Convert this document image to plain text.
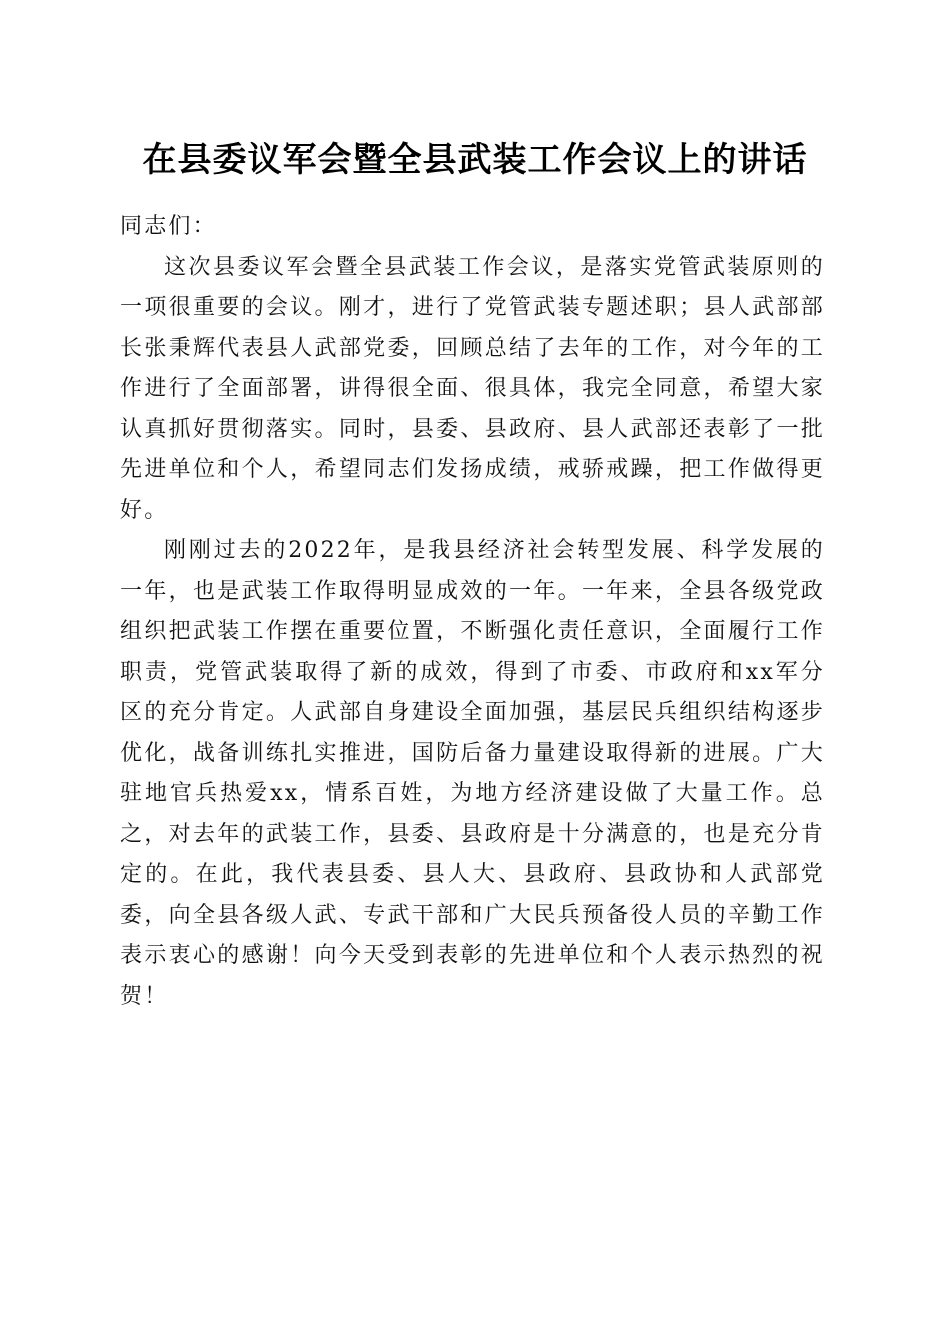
在县委议军会暨全县武装工作会议上的讲话

同志们：

这次县委议军会暨全县武装工作会议，是落实党管武装原则的一项很重要的会议。刚才，进行了党管武装专题述职；县人武部部长张秉辉代表县人武部党委，回顾总结了去年的工作，对今年的工作进行了全面部署，讲得很全面、很具体，我完全同意，希望大家认真抓好贯彻落实。同时，县委、县政府、县人武部还表彰了一批先进单位和个人，希望同志们发扬成绩，戒骄戒躁，把工作做得更好。

刚刚过去的2022年，是我县经济社会转型发展、科学发展的一年，也是武装工作取得明显成效的一年。一年来，全县各级党政组织把武装工作摆在重要位置，不断强化责任意识，全面履行工作职责，党管武装取得了新的成效，得到了市委、市政府和xx军分区的充分肯定。人武部自身建设全面加强，基层民兵组织结构逐步优化，战备训练扎实推进，国防后备力量建设取得新的进展。广大驻地官兵热爱xx，情系百姓，为地方经济建设做了大量工作。总之，对去年的武装工作，县委、县政府是十分满意的，也是充分肯定的。在此，我代表县委、县人大、县政府、县政协和人武部党委，向全县各级人武、专武干部和广大民兵预备役人员的辛勤工作表示衷心的感谢！向今天受到表彰的先进单位和个人表示热烈的祝贺！
